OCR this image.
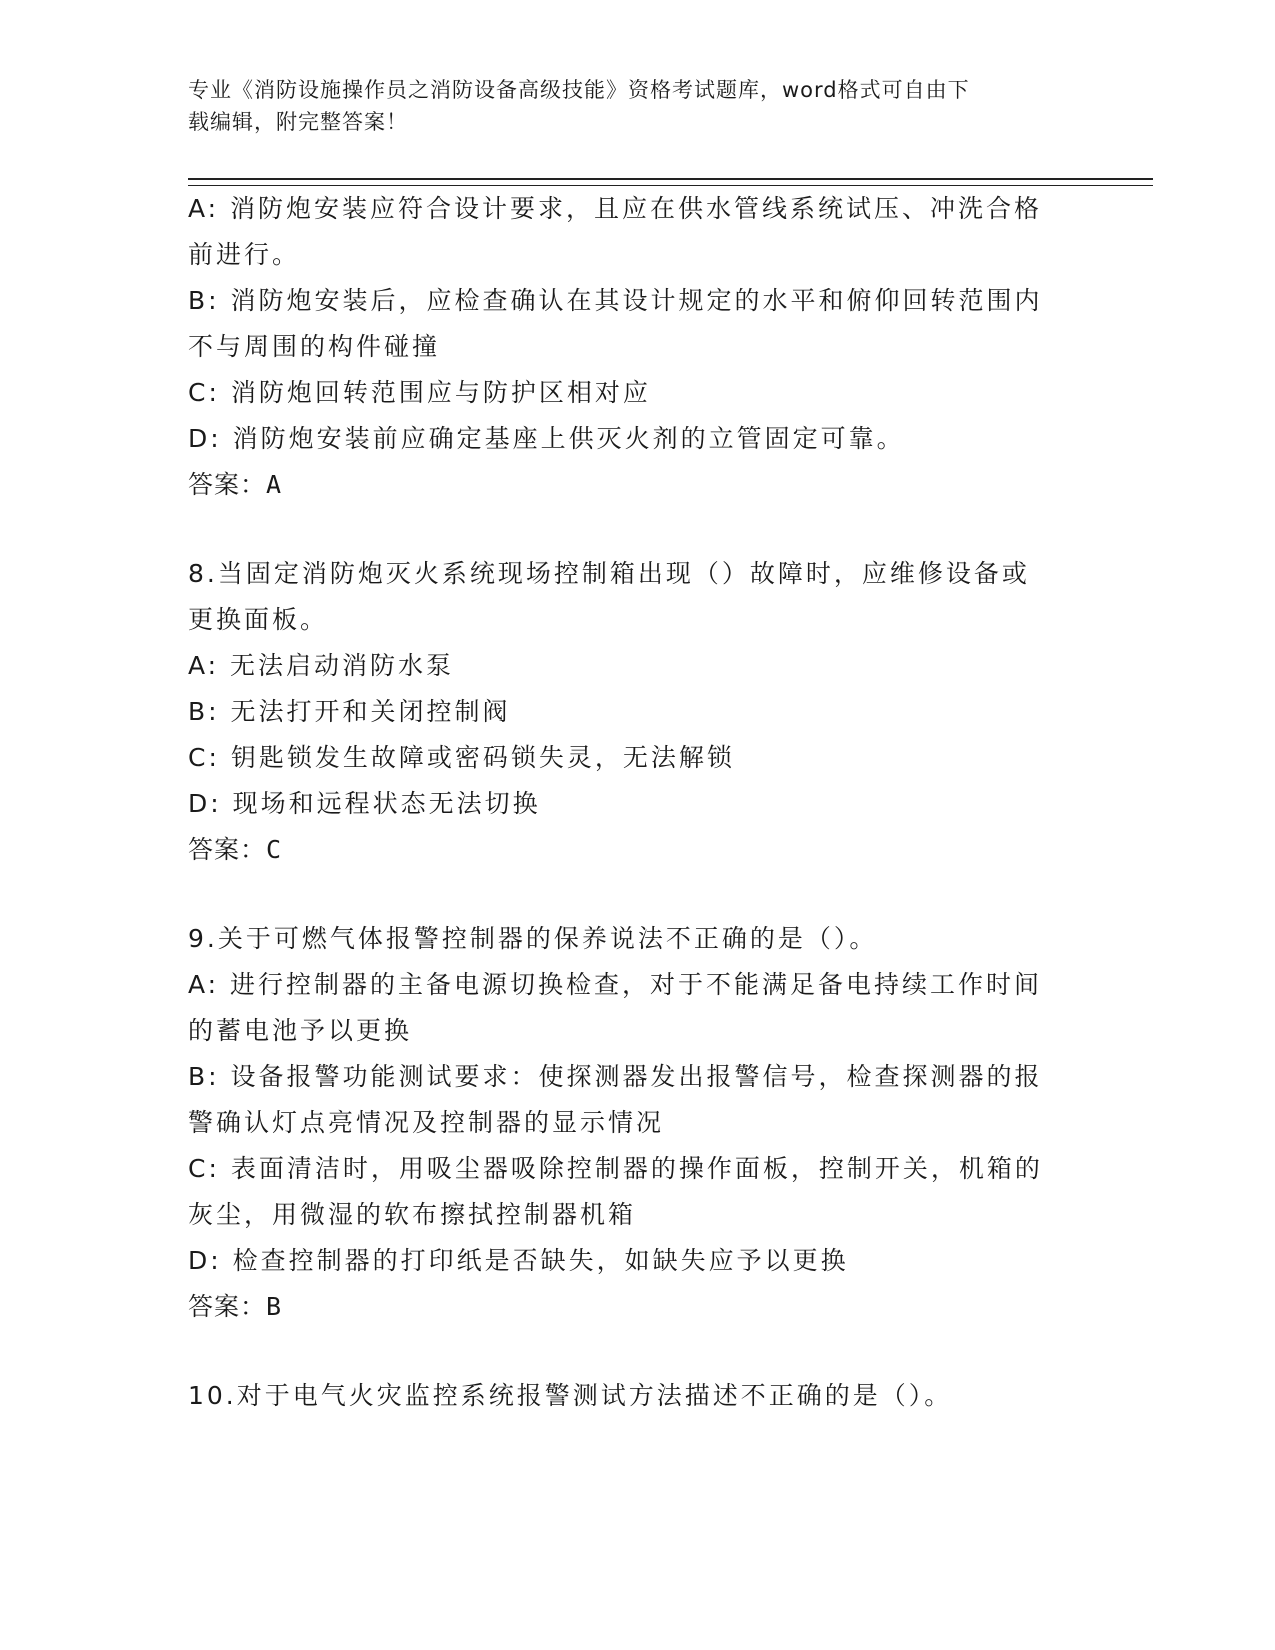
专业《消防设施操作员之消防设备高级技能》资格考试题库，word格式可自由下
载编辑，附完整答案！
A: 消防炮安装应符合设计要求，且应在供水管线系统试压、冲洗合格
前进行。
B: 消防炮安装后，应检查确认在其设计规定的水平和俯仰回转范围内
不与周围的构件碰撞
C: 消防炮回转范围应与防护区相对应
D: 消防炮安装前应确定基座上供灭火剂的立管固定可靠。
答案：A
8.当固定消防炮灭火系统现场控制箱出现（）故障时，应维修设备或
更换面板。
A: 无法启动消防水泵
B: 无法打开和关闭控制阀
C: 钥匙锁发生故障或密码锁失灵，无法解锁
D: 现场和远程状态无法切换
答案：C
9.关于可燃气体报警控制器的保养说法不正确的是（）。
A: 进行控制器的主备电源切换检查，对于不能满足备电持续工作时间
的蓄电池予以更换
B: 设备报警功能测试要求：使探测器发出报警信号，检查探测器的报
警确认灯点亮情况及控制器的显示情况
C: 表面清洁时，用吸尘器吸除控制器的操作面板，控制开关，机箱的
灰尘，用微湿的软布擦拭控制器机箱
D: 检查控制器的打印纸是否缺失，如缺失应予以更换
答案：B
10.对于电气火灾监控系统报警测试方法描述不正确的是（）。
